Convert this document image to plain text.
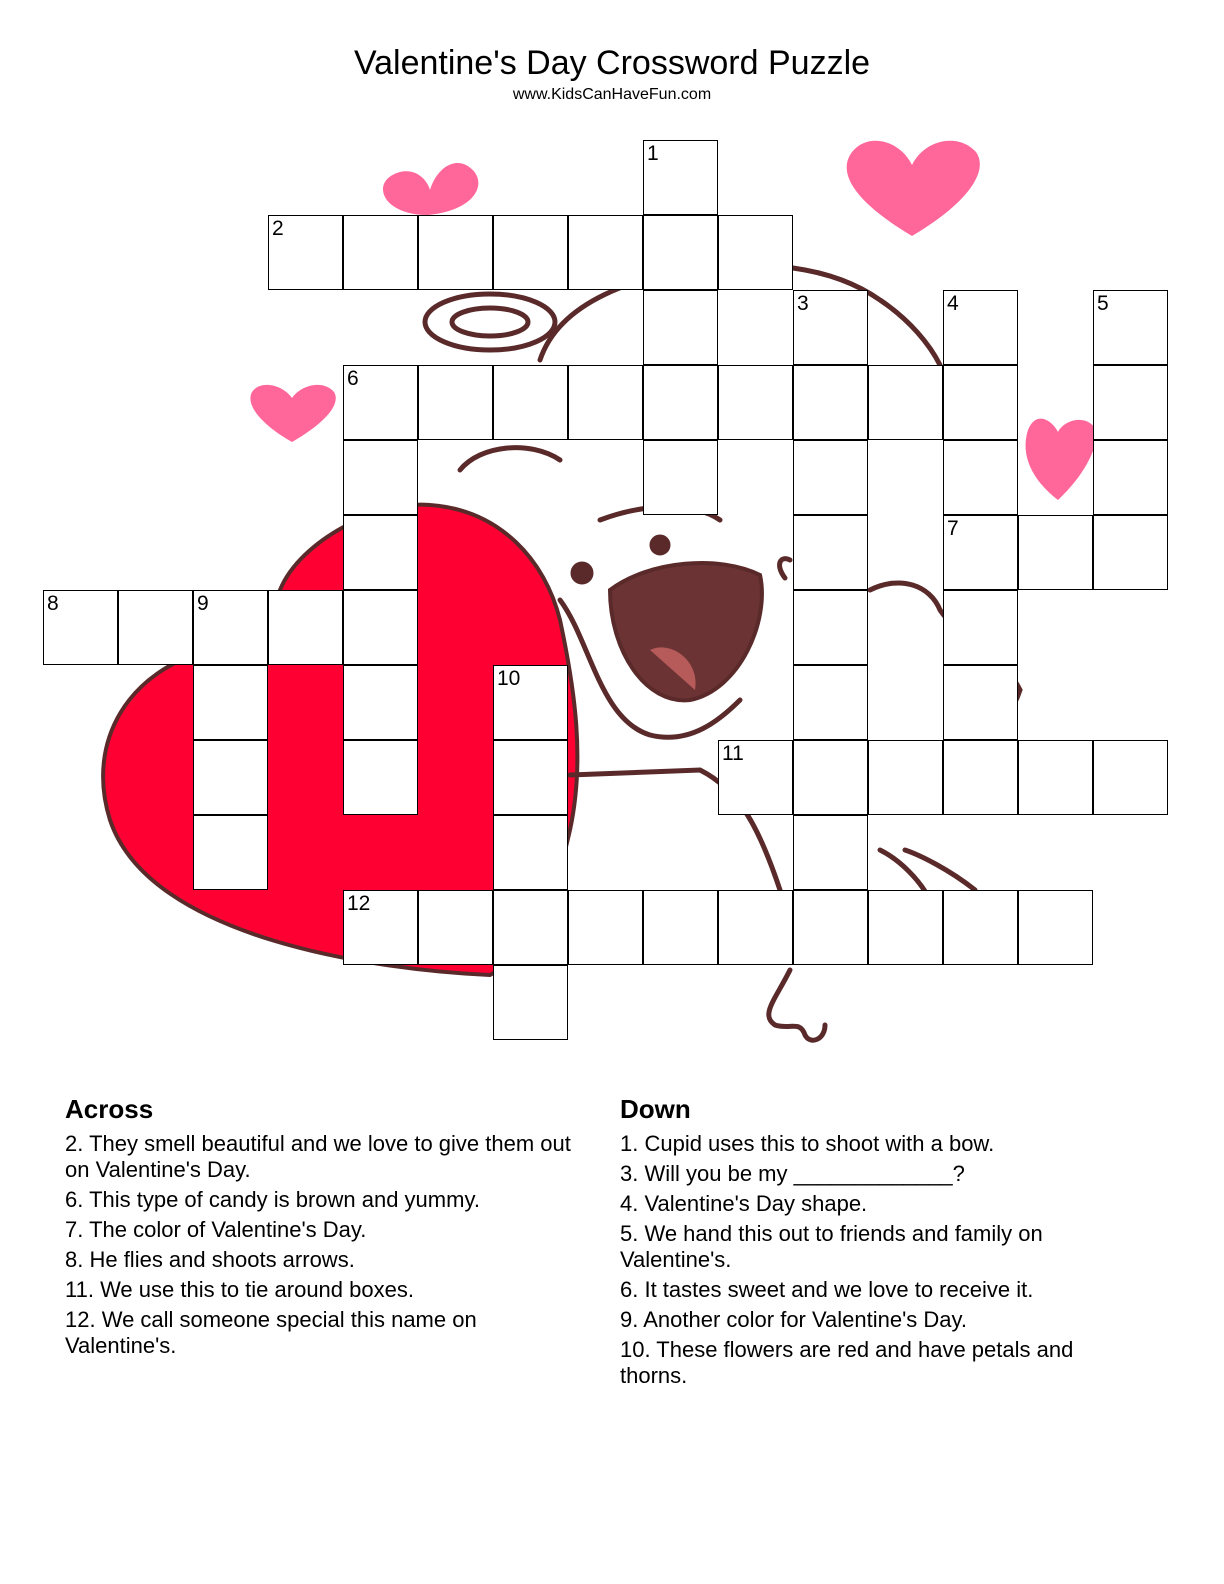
Valentine's Day Crossword Puzzle
www.KidsCanHaveFun.com
1
2
3	4
7
5
6
8	9
10
11
12
Across
2. They smell beautiful and we love to give them out on Valentine's Day.
6. This type of candy is brown and yummy.
7. The color of Valentine's Day.
8. He flies and shoots arrows.
11. We use this to tie around boxes.
12. We call someone special this name on Valentine's.
Down
1. Cupid uses this to shoot with a bow.
3. Will you be my _____________?
4. Valentine's Day shape.
5. We hand this out to friends and family on Valentine's.
6. It tastes sweet and we love to receive it.
9. Another color for Valentine's Day.
10. These flowers are red and have petals and thorns.
